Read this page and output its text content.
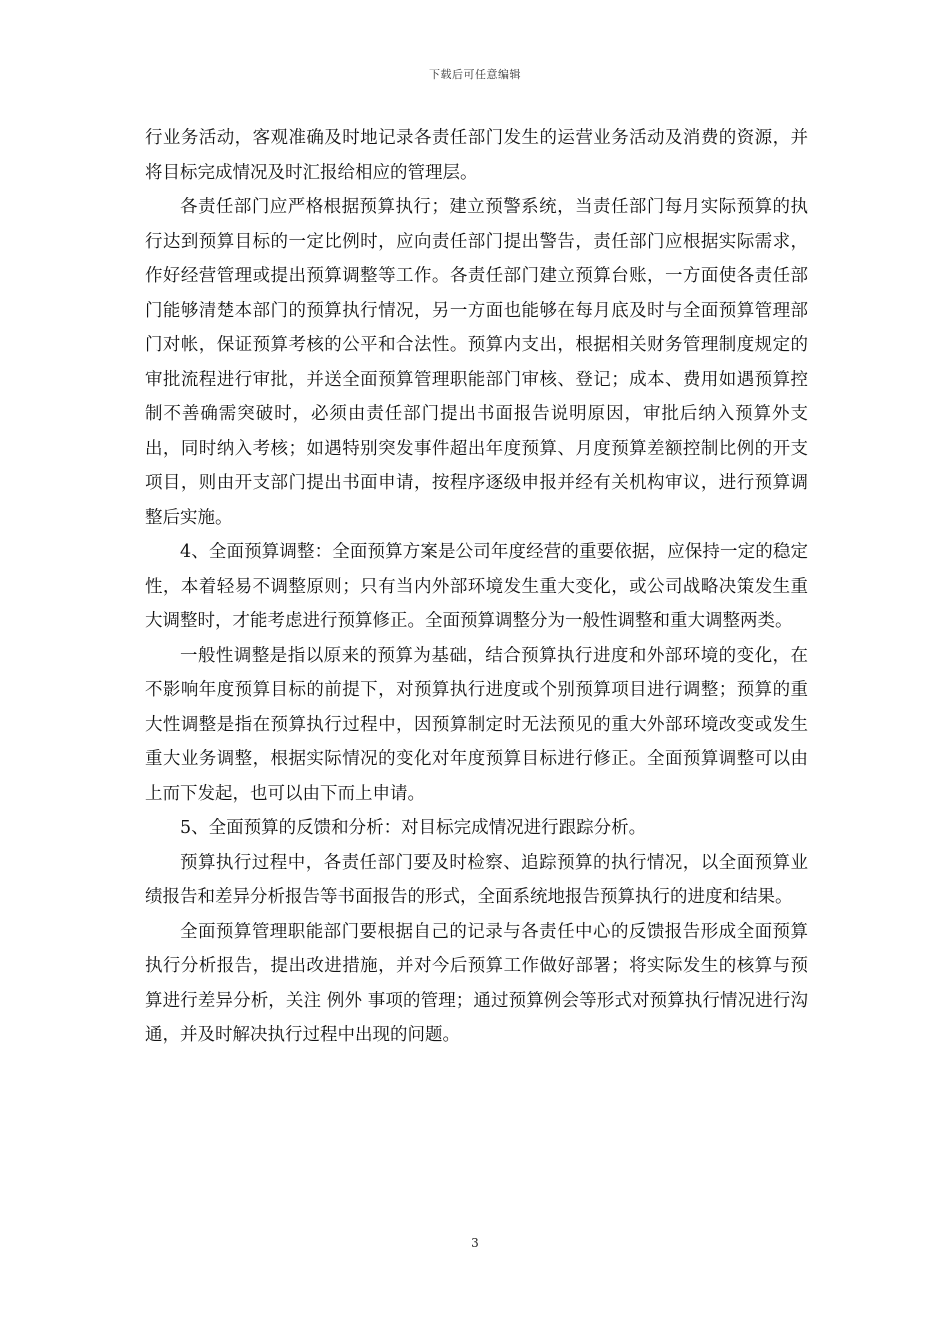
下载后可任意编辑

行业务活动，客观准确及时地记录各责任部门发生的运营业务活动及消费的资源，并将目标完成情况及时汇报给相应的管理层。

各责任部门应严格根据预算执行；建立预警系统，当责任部门每月实际预算的执行达到预算目标的一定比例时，应向责任部门提出警告，责任部门应根据实际需求，作好经营管理或提出预算调整等工作。各责任部门建立预算台账，一方面使各责任部门能够清楚本部门的预算执行情况，另一方面也能够在每月底及时与全面预算管理部门对帐，保证预算考核的公平和合法性。预算内支出，根据相关财务管理制度规定的审批流程进行审批，并送全面预算管理职能部门审核、登记；成本、费用如遇预算控制不善确需突破时，必须由责任部门提出书面报告说明原因，审批后纳入预算外支出，同时纳入考核；如遇特别突发事件超出年度预算、月度预算差额控制比例的开支项目，则由开支部门提出书面申请，按程序逐级申报并经有关机构审议，进行预算调整后实施。

4、全面预算调整：全面预算方案是公司年度经营的重要依据，应保持一定的稳定性，本着轻易不调整原则；只有当内外部环境发生重大变化，或公司战略决策发生重大调整时，才能考虑进行预算修正。全面预算调整分为一般性调整和重大调整两类。

一般性调整是指以原来的预算为基础，结合预算执行进度和外部环境的变化，在不影响年度预算目标的前提下，对预算执行进度或个别预算项目进行调整；预算的重大性调整是指在预算执行过程中，因预算制定时无法预见的重大外部环境改变或发生重大业务调整，根据实际情况的变化对年度预算目标进行修正。全面预算调整可以由上而下发起，也可以由下而上申请。

5、全面预算的反馈和分析：对目标完成情况进行跟踪分析。

预算执行过程中，各责任部门要及时检察、追踪预算的执行情况，以全面预算业绩报告和差异分析报告等书面报告的形式，全面系统地报告预算执行的进度和结果。

全面预算管理职能部门要根据自己的记录与各责任中心的反馈报告形成全面预算执行分析报告，提出改进措施，并对今后预算工作做好部署；将实际发生的核算与预算进行差异分析，关注 例外 事项的管理；通过预算例会等形式对预算执行情况进行沟通，并及时解决执行过程中出现的问题。

3
